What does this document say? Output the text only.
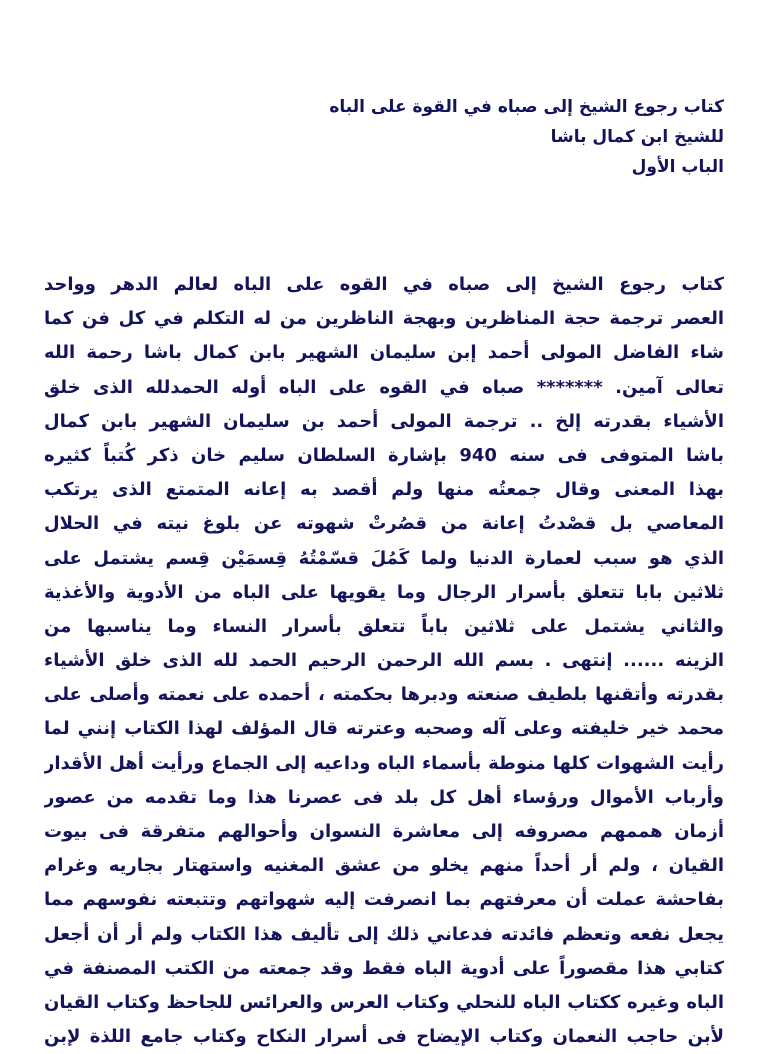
كتاب رجوع الشيخ إلى صباه في القوة على الباه
للشيخ ابن كمال باشا
الباب الأول
كتاب رجوع الشيخ إلى صباه في القوه على الباه لعالم الدهر وواحد
العصر ترجمة حجة المناظرين وبهجة الناظرين من له التكلم في كل فن كما
شاء الفاضل المولى أحمد إبن سليمان الشهير بابن كمال باشا رحمة الله
تعالى آمين. ******* صباه في القوه على الباه أوله الحمدلله الذى خلق
الأشياء بقدرته إلخ .. ترجمة المولى أحمد بن سليمان الشهير بابن كمال
باشا المتوفى فى سنه 940 بإشارة السلطان سليم خان ذكر كُتباً كثيره
بهذا المعنى وقال جمعتُه منها ولم أقصد به إعانه المتمتع الذى يرتكب
المعاصي بل قصْدتُ إعانة من قصُرتْ شهوته عن بلوغ نيته في الحلال
الذي هو سبب لعمارة الدنيا ولما كَمُلَ قسّمْتُهُ قِسمَيْن قِسم يشتمل على
ثلاثين بابا تتعلق بأسرار الرجال وما يقويها على الباه من الأدوية والأغذية
والثاني يشتمل على ثلاثين باباً تتعلق بأسرار النساء وما يناسبها من
الزينه ...... إنتهى . بسم الله الرحمن الرحيم الحمد لله الذى خلق الأشياء
بقدرته وأتقنها بلطيف صنعته ودبرها بحكمته ، أحمده على نعمته وأصلى على
محمد خير خليفته وعلى آله وصحبه وعترته قال المؤلف لهذا الكتاب إنني لما
رأيت الشهوات كلها منوطة بأسماء الباه وداعيه إلى الجماع ورأيت أهل الأقدار
وأرباب الأموال ورؤساء أهل كل بلد فى عصرنا هذا وما تقدمه من عصور
أزمان هممهم مصروفه إلى معاشرة النسوان وأحوالهم متفرقة فى بيوت
القيان ، ولم أر أحداً منهم يخلو من عشق المغنيه واستهتار بجاريه وغرام
بفاحشة عملت أن معرفتهم بما انصرفت إليه شهواتهم وتتبعته نفوسهم مما
يجعل نفعه وتعظم فائدته فدعاني ذلك إلى تأليف هذا الكتاب ولم أر أن أجعل
كتابي هذا مقصوراً على أدوية الباه فقط وقد جمعته من الكتب المصنفة في
الباه وغيره ككتاب الباه للنحلي وكتاب العرس والعرائس للجاحظ وكتاب القيان
لأبن حاجب النعمان وكتاب الإيضاح فى أسرار النكاح وكتاب جامع اللذة لإبن
